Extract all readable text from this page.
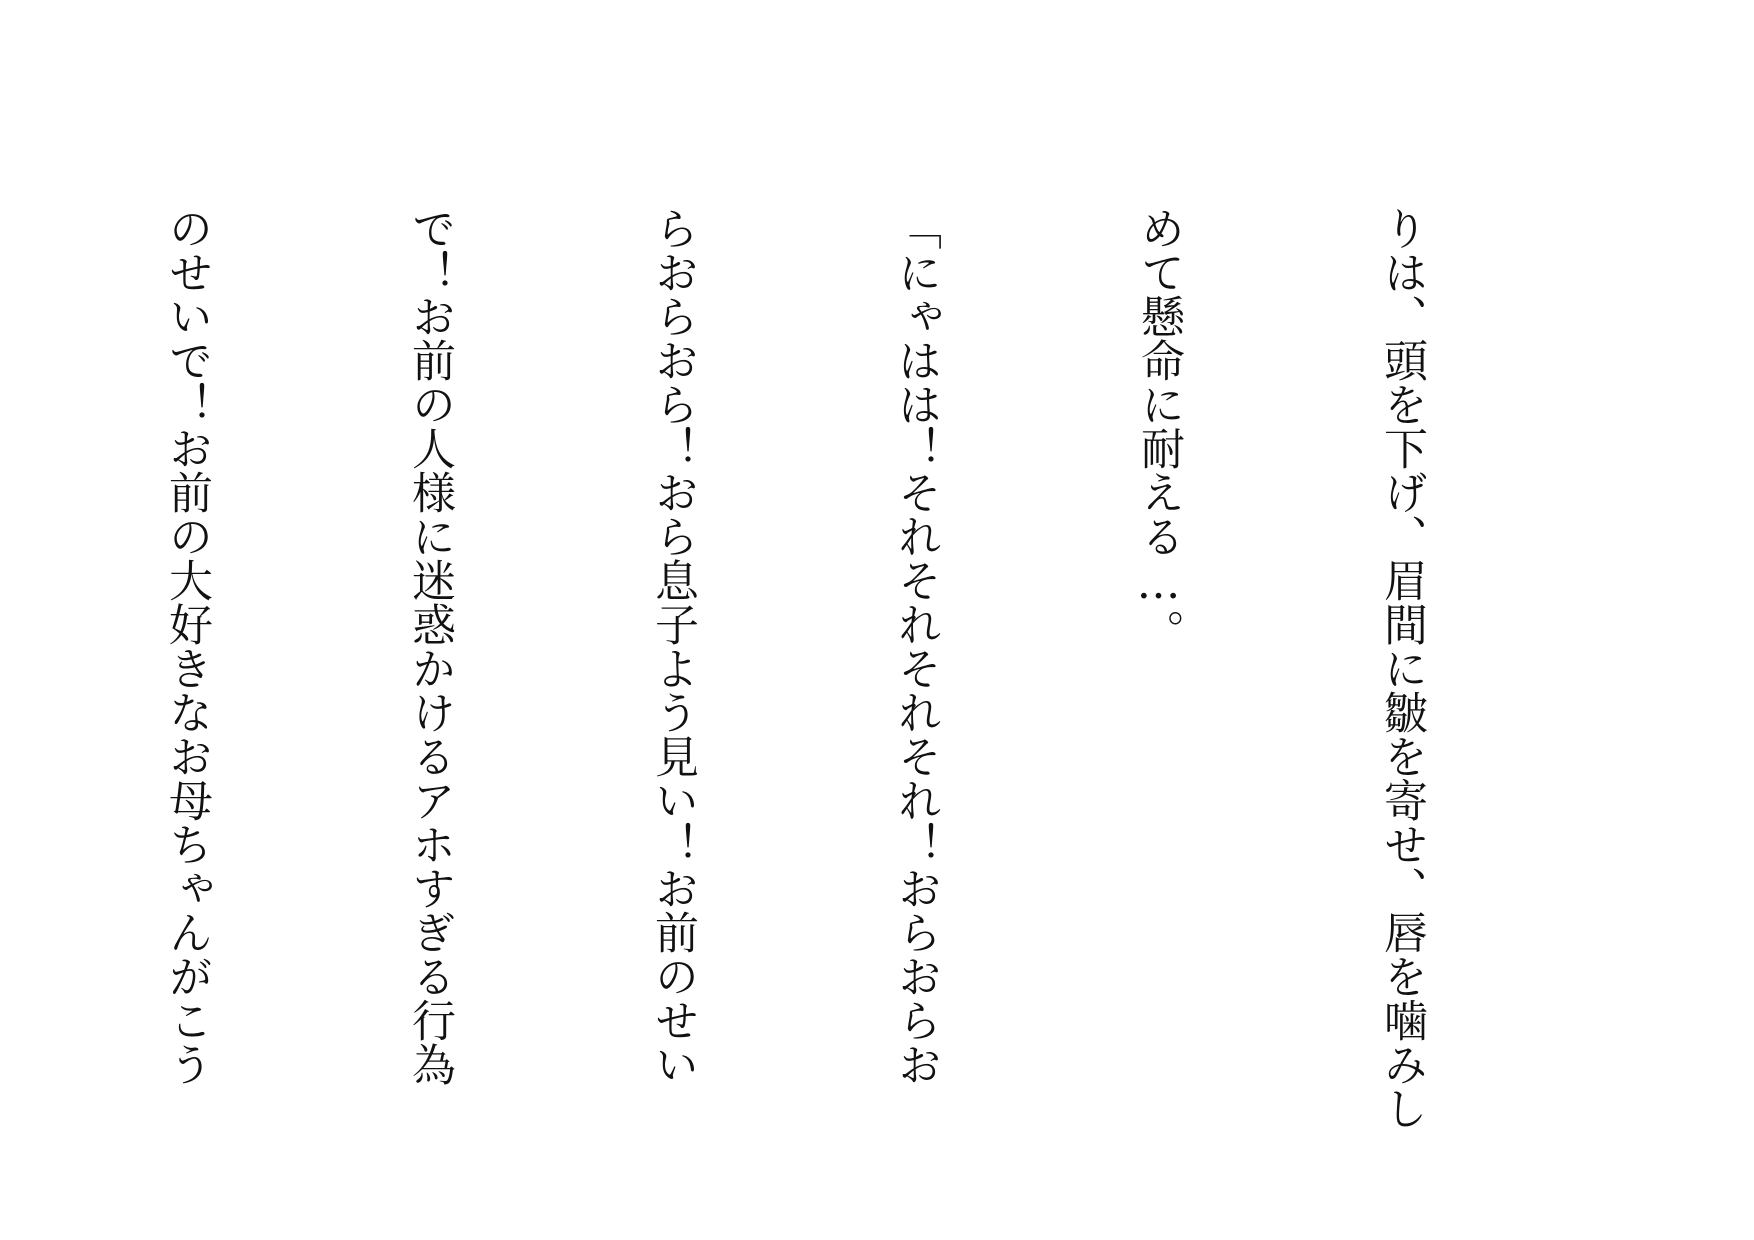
りは、頭を下げ、眉間に皺を寄せ、唇を噛みし

めて懸命に耐える…。

「にゃはは！それそれそれそれ！おらおらお

らおらおら！おら息子よう見い！お前のせい

で！お前の人様に迷惑かけるアホすぎる行為

のせいで！お前の大好きなお母ちゃんがこう
